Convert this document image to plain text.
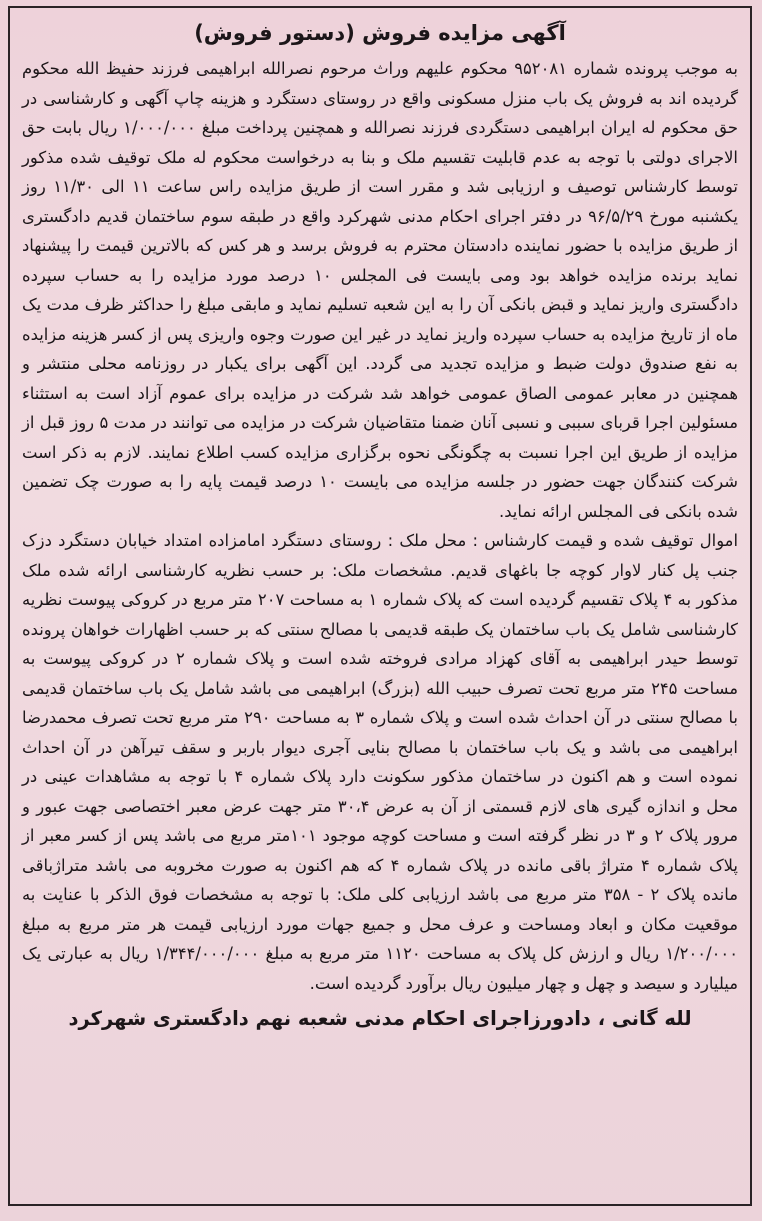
آگهی مزایده فروش (دستور فروش)

به موجب پرونده شماره ۹۵۲۰۸۱ محکوم علیهم وراث مرحوم نصرالله ابراهیمی فرزند حفیظ الله محکوم گردیده اند به فروش یک باب منزل مسکونی واقع در روستای دستگرد و هزینه چاپ آگهی و کارشناسی در حق محکوم له ایران ابراهیمی دستگردی فرزند نصرالله و همچنین پرداخت مبلغ ۱/۰۰۰/۰۰۰ ریال بابت حق الاجرای دولتی با توجه به عدم قابلیت تقسیم ملک و بنا به درخواست محکوم له ملک توقیف شده مذکور توسط کارشناس توصیف و ارزیابی شد و مقرر است از طریق مزایده راس ساعت ۱۱ الی ۱۱/۳۰ روز یکشنبه مورخ ۹۶/۵/۲۹ در دفتر اجرای احکام مدنی شهرکرد واقع در طبقه سوم ساختمان قدیم دادگستری از طریق مزایده با حضور نماینده دادستان محترم به فروش برسد و هر کس که بالاترین قیمت را پیشنهاد نماید برنده مزایده خواهد بود ومی بایست فی المجلس ۱۰ درصد مورد مزایده را به حساب سپرده دادگستری واریز نماید و قبض بانکی آن را به این شعبه تسلیم نماید و مابقی مبلغ را حداکثر ظرف مدت یک ماه از تاریخ مزایده به حساب سپرده واریز نماید در غیر این صورت وجوه واریزی پس از کسر هزینه مزایده به نفع صندوق دولت ضبط و مزایده تجدید می گردد. این آگهی برای یکبار در روزنامه محلی منتشر و همچنین در معابر عمومی الصاق عمومی خواهد شد شرکت در مزایده برای عموم آزاد است به استثناء مسئولین اجرا قربای سببی و نسبی آنان ضمنا متقاضیان شرکت در مزایده می توانند در مدت ۵ روز قبل از مزایده از طریق این اجرا نسبت به چگونگی نحوه برگزاری مزایده کسب اطلاع نمایند. لازم به ذکر است شرکت کنندگان جهت حضور در جلسه مزایده می بایست ۱۰ درصد قیمت پایه را به صورت چک تضمین شده بانکی فی المجلس ارائه نماید.

اموال توقیف شده و قیمت کارشناس : محل ملک : روستای دستگرد امامزاده امتداد خیابان دستگرد دزک جنب پل کنار لاوار کوچه جا باغهای قدیم. مشخصات ملک: بر حسب نظریه کارشناسی ارائه شده ملک مذکور به ۴ پلاک تقسیم گردیده است که پلاک شماره ۱ به مساحت ۲۰۷ متر مربع در کروکی پیوست نظریه کارشناسی شامل یک باب ساختمان یک طبقه قدیمی با مصالح سنتی که بر حسب اظهارات خواهان پرونده توسط حیدر ابراهیمی به آقای کهزاد مرادی فروخته شده است و پلاک شماره ۲ در کروکی پیوست به مساحت ۲۴۵ متر مربع تحت تصرف حبیب الله (بزرگ) ابراهیمی می باشد شامل یک باب ساختمان قدیمی با مصالح سنتی در آن احداث شده است و پلاک شماره ۳ به مساحت ۲۹۰ متر مربع تحت تصرف محمدرضا ابراهیمی می باشد و یک باب ساختمان با مصالح بنایی آجری دیوار باربر و سقف تیرآهن در آن احداث نموده است و هم اکنون در ساختمان مذکور سکونت دارد پلاک شماره ۴ با توجه به مشاهدات عینی در محل و اندازه گیری های لازم قسمتی از آن به عرض ۳۰،۴ متر جهت عرض معبر اختصاصی جهت عبور و مرور پلاک ۲ و ۳ در نظر گرفته است و مساحت کوچه موجود ۱۰۱متر مربع می باشد پس از کسر معبر از پلاک شماره ۴ متراژ باقی مانده در پلاک شماره ۴ که هم اکنون به صورت مخروبه می باشد متراژباقی مانده پلاک ۲ - ۳۵۸ متر مربع می باشد ارزیابی کلی ملک: با توجه به مشخصات فوق الذکر با عنایت به موقعیت مکان و ابعاد ومساحت و عرف محل و جمیع جهات مورد ارزیابی قیمت هر متر مربع به مبلغ ۱/۲۰۰/۰۰۰ ریال و ارزش کل پلاک به مساحت ۱۱۲۰ متر مربع به مبلغ ۱/۳۴۴/۰۰۰/۰۰۰ ریال به عبارتی یک میلیارد و سیصد و چهل و چهار میلیون ریال برآورد گردیده است.

لله گانی ، دادورزاجرای احکام مدنی شعبه نهم دادگستری شهرکرد
